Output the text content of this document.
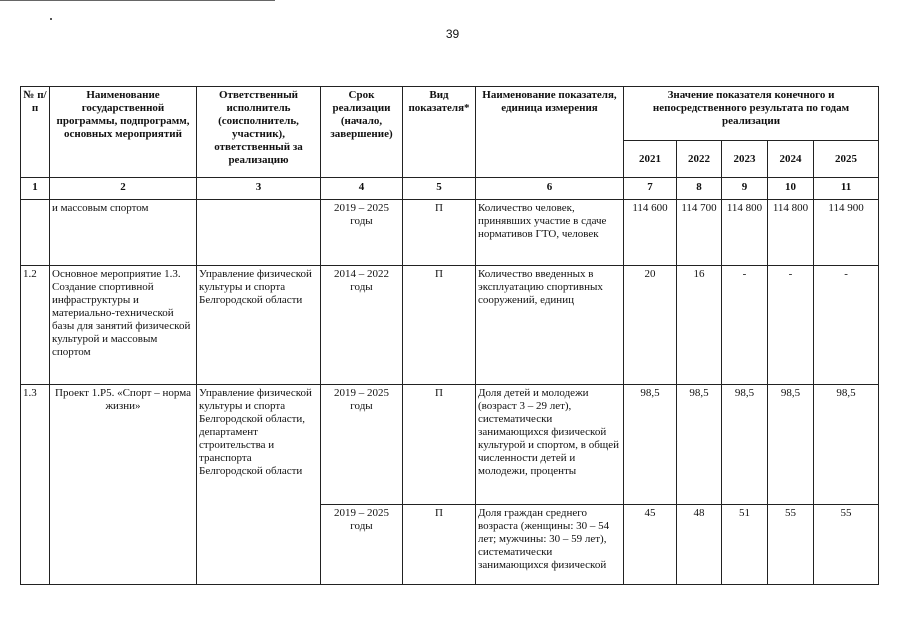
39
№ п/п	Наименование государственной программы, подпрограмм, основных мероприятий	Ответственный исполнитель (соисполнитель, участник), ответственный за реализацию	Срок реализации (начало, завершение)	Вид показателя*	Наименование показателя, единица измерения	Значение показателя конечного и непосредственного результата по годам реализации				
						2021	2022	2023	2024	2025
1	2	3	4	5	6	7	8	9	10	11
	и массовым спортом		2019 – 2025 годы	П	Количество человек, принявших участие в сдаче нормативов ГТО, человек	114 600	114 700	114 800	114 800	114 900
1.2	Основное мероприятие 1.3. Создание спортивной инфраструктуры и материально-технической базы для занятий физической культурой и массовым спортом	Управление физической культуры и спорта Белгородской области	2014 – 2022 годы	П	Количество введенных в эксплуатацию спортивных сооружений, единиц	20	16	-	-	-
1.3	Проект 1.Р5. «Спорт – норма жизни»	Управление физической культуры и спорта Белгородской области, департамент строительства и транспорта Белгородской области	2019 – 2025 годы	П	Доля детей и молодежи (возраст 3 – 29 лет), систематически занимающихся физической культурой и спортом, в общей численности детей и молодежи, проценты	98,5	98,5	98,5	98,5	98,5
			2019 – 2025 годы	П	Доля граждан среднего возраста (женщины: 30 – 54 лет; мужчины: 30 – 59 лет), систематически занимающихся физической	45	48	51	55	55
